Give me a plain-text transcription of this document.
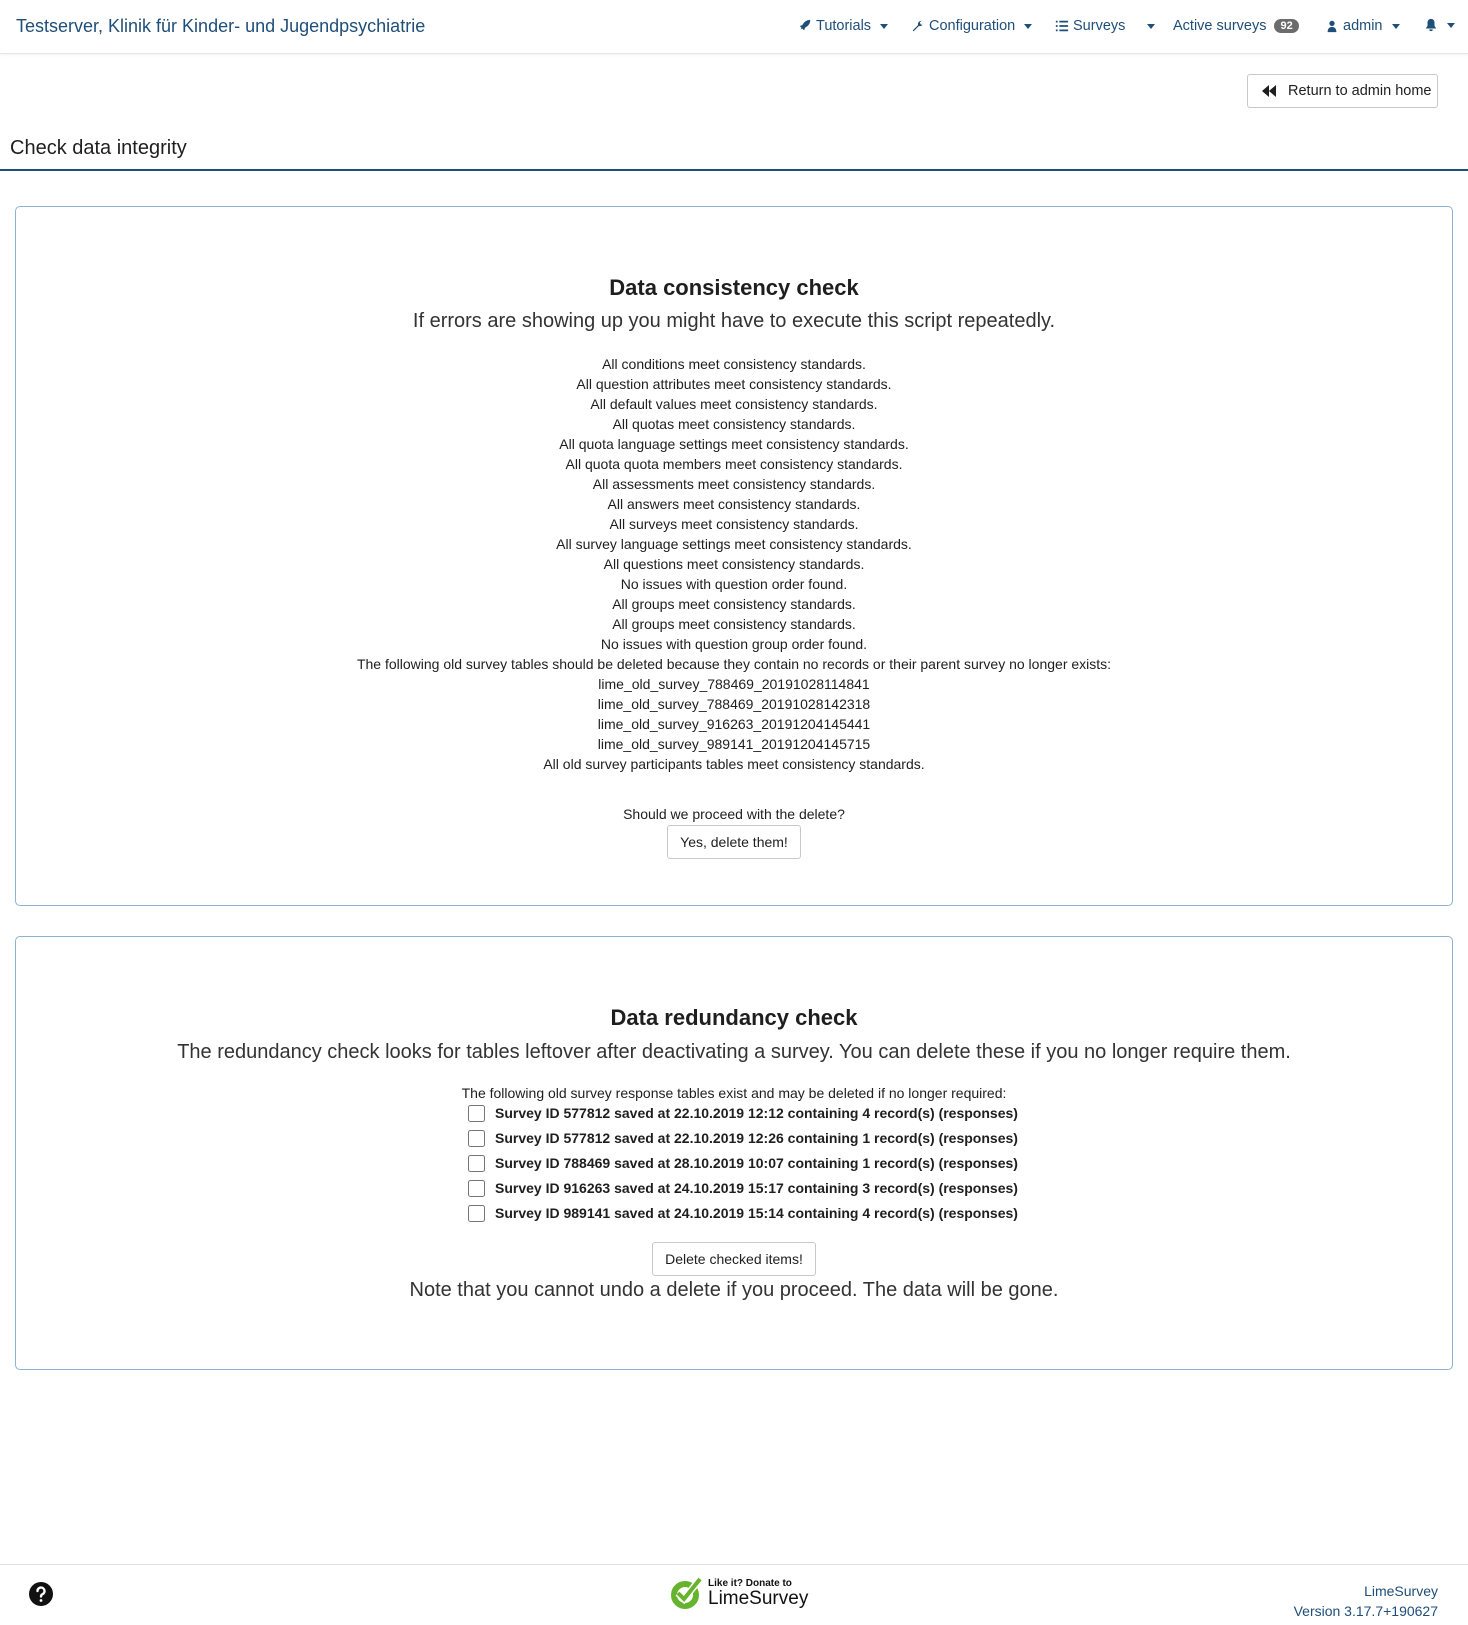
Testserver, Klinik für Kinder- und Jugendpsychiatrie	Tutorials	Configuration	Surveys	Active surveys	92	admin
Return to admin home
Check data integrity
Data consistency check
If errors are showing up you might have to execute this script repeatedly.
All conditions meet consistency standards.
All question attributes meet consistency standards.
All default values meet consistency standards.
All quotas meet consistency standards.
All quota language settings meet consistency standards.
All quota quota members meet consistency standards.
All assessments meet consistency standards.
All answers meet consistency standards.
All surveys meet consistency standards.
All survey language settings meet consistency standards.
All questions meet consistency standards.
No issues with question order found.
All groups meet consistency standards.
All groups meet consistency standards.
No issues with question group order found.
The following old survey tables should be deleted because they contain no records or their parent survey no longer exists:
lime_old_survey_788469_20191028114841
lime_old_survey_788469_20191028142318
lime_old_survey_916263_20191204145441
lime_old_survey_989141_20191204145715
All old survey participants tables meet consistency standards.
Should we proceed with the delete?
Yes, delete them!
Data redundancy check
The redundancy check looks for tables leftover after deactivating a survey. You can delete these if you no longer require them.
The following old survey response tables exist and may be deleted if no longer required:
Survey ID 577812 saved at 22.10.2019 12:12 containing 4 record(s) (responses)
Survey ID 577812 saved at 22.10.2019 12:26 containing 1 record(s) (responses)
Survey ID 788469 saved at 28.10.2019 10:07 containing 1 record(s) (responses)
Survey ID 916263 saved at 24.10.2019 15:17 containing 3 record(s) (responses)
Survey ID 989141 saved at 24.10.2019 15:14 containing 4 record(s) (responses)
Delete checked items!
Note that you cannot undo a delete if you proceed. The data will be gone.
Like it? Donate to
LimeSurvey	LimeSurvey
Version 3.17.7+190627
